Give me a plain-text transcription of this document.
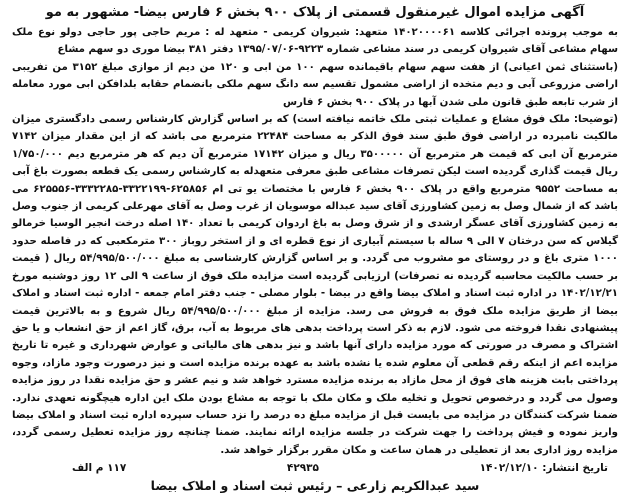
آگهی مزایده اموال غیرمنقول قسمتی از پلاک ۹۰۰ بخش ۶ فارس بیضا- مشهور به مو

به موجب پرونده اجرائی کلاسه ۱۴۰۲۰۰۰۰۶۱ متعهد: شیروان کریمی - متعهد له : مریم حاجی پور حاجی دولو نوع ملک سهام مشاعی آقای شیروان کریمی در سند مشاعی شماره ۹۲۲۳-۱۳۹۵/۰۷/۰۶ دفتر ۳۸۱ بیضا موری دو سهم مشاع

(باستثنای ثمن اعیانی) از هفت سهم سهام باقیمانده سهم ۱۰۰ من ابی و ۱۲۰ من دیم از موازی مبلغ ۳۱۵۲ من تفریبی اراضی مزروعی آبی و دیم متخده از اراضی مشمول تقسیم سه دانگ سهم ملکی بانضمام حقابه بلدافکن ابی مورد معامله از شرب تابعه طبق قانون ملی شدن آبها در پلاک ۹۰۰ بخش ۶ فارس

(توضیحا: ملک فوق مشاع و عملیات ثبتی ملک خاتمه نیافته است) که بر اساس گزارش کارشناس رسمی دادگستری میزان مالکیت نامبرده در اراضی فوق طبق سند فوق الذکر به مساحت ۲۲۴۸۴ مترمربع می باشد که از این مقدار میزان ۷۱۴۲ مترمربع آن ابی که قیمت هر مترمربع آن ۳۵۰۰۰۰۰ ریال و میزان ۱۷۱۴۲ مترمربع آن دیم که هر مترمربع دیم ۱/۷۵۰/۰۰۰ ریال قیمت گذاری گردیده است لیکن تصرفات مشاعی طبق معرفی متعهدله به کارشناس رسمی یک قطعه بصورت باغ آبی به مساحت ۹۵۵۲ مترمربع واقع در پلاک ۹۰۰ بخش ۶ فارس با مختصات یو تی ام ۶۲۵۸۵۶-۳۳۲۲۱۹۹-۳۳۳۲۲۸۵-۶۲۵۵۵۶ می باشد که از شمال وصل به زمین کشاورزی آقای سید عبداله موسویان از غرب وصل به آقای مهرعلی کریمی از جنوب وصل به زمین کشاورزی آقای عسگر ارشدی و از شرق وصل به باغ اردوان کریمی با تعداد ۱۴۰ اصله درخت انجیر الوسیا خرمالو گیلاس که سن درختان ۷ الی ۹ ساله با سیستم آبیاری از نوع قطره ای و از استخر روباز ۳۰۰ مترمکعبی که در فاصله حدود ۱۰۰۰ متری باغ و در روستای مو مشروب می گردد. و بر اساس گزارش کارشناسی به مبلغ ۵۴/۹۹۵/۵۰۰/۰۰۰ ریال ( قیمت بر حسب مالکیت محاسبه گردیده نه تصرفات) ارزیابی گردیده است مزایده ملک فوق از ساعت ۹ الی ۱۲ روز دوشنبه مورخ ۱۴۰۲/۱۲/۲۱ در اداره ثبت اسناد و املاک بیضا واقع در بیضا - بلوار مصلی - جنب دفتر امام جمعه - اداره ثبت اسناد و املاک بیضا از طریق مزایده ملک فوق به فروش می رسد. مزایده از مبلغ ۵۴/۹۹۵/۵۰۰/۰۰۰ ریال شروع و به بالاترین قیمت پیشنهادی نقدا فروخته می شود. لازم به ذکر است پرداخت بدهی های مربوط به آب، برق، گاز اعم از حق انشعاب و یا حق اشتراک و مصرف در صورتی که مورد مزایده دارای آنها باشد و نیز بدهی های مالیاتی و عوارض شهرداری و غیره تا تاریخ مزایده اعم از اینکه رقم قطعی آن معلوم شده یا نشده باشد به عهده برنده مزایده است و نیز درصورت وجود مازاد، وجوه پرداختی بابت هزینه های فوق از محل مازاد به برنده مزایده مسترد خواهد شد و نیم عشر و حق مزایده نقدا در روز مزایده وصول می گردد و درخصوص تحویل و تخلیه ملک و مکان ملک با توجه به مشاع بودن ملک این اداره هیچگونه تعهدی ندارد. ضمنا شرکت کنندگان در مزایده می بایست قبل از مزایده مبلغ ده درصد را نزد حساب سپرده اداره ثبت اسناد و املاک بیضا واریز نموده و فیش پرداخت را جهت شرکت در جلسه مزایده ارائه نمایند. ضمنا چنانچه روز مزایده تعطیل رسمی گردد، مزایده روز اداری بعد از تعطیلی در همان ساعت و مکان مقرر برگزار خواهد شد.

تاریخ انتشار: ۱۴۰۲/۱۲/۱۰
۴۲۹۳۵
۱۱۷ م الف
سید عبدالکریم زارعی – رئیس ثبت اسناد و املاک بیضا
